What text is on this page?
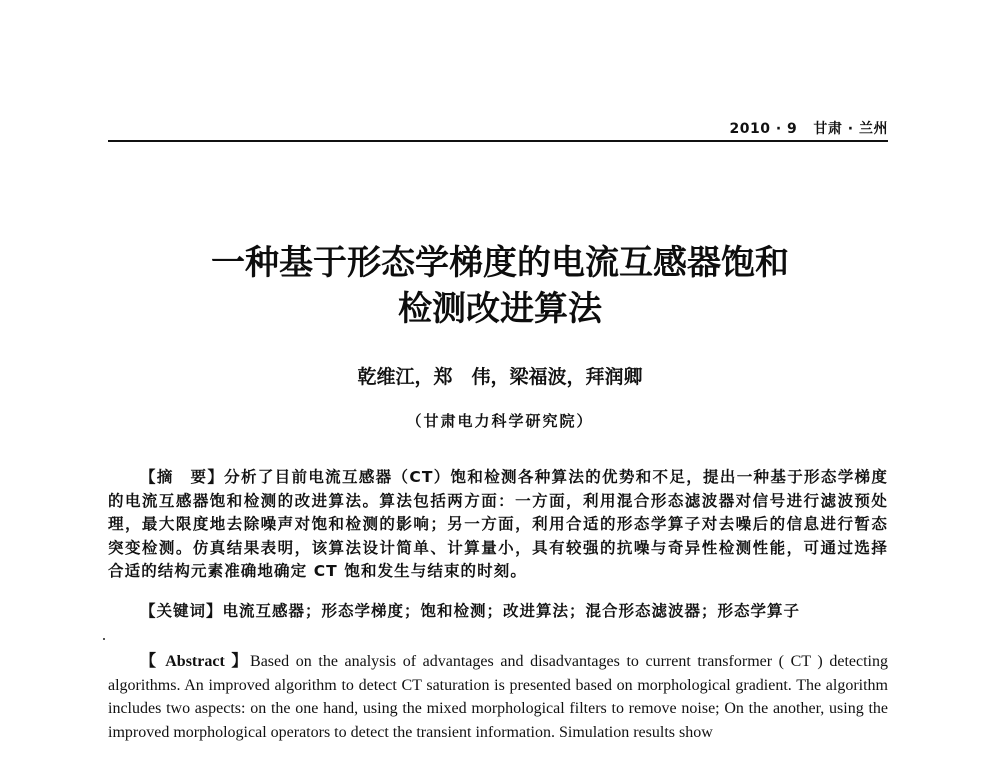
2010 · 9 甘肃 · 兰州
一种基于形态学梯度的电流互感器饱和
检测改进算法
乾维江，郑　伟，梁福波，拜润卿
（甘肃电力科学研究院）
【摘　要】分析了目前电流互感器（CT）饱和检测各种算法的优势和不足，提出一种基于形态学梯度的电流互感器饱和检测的改进算法。算法包括两方面：一方面，利用混合形态滤波器对信号进行滤波预处理，最大限度地去除噪声对饱和检测的影响；另一方面，利用合适的形态学算子对去噪后的信息进行暂态突变检测。仿真结果表明，该算法设计简单、计算量小，具有较强的抗噪与奇异性检测性能，可通过选择合适的结构元素准确地确定 CT 饱和发生与结束的时刻。
【关键词】电流互感器；形态学梯度；饱和检测；改进算法；混合形态滤波器；形态学算子
【 Abstract 】Based on the analysis of advantages and disadvantages to current transformer ( CT ) detecting algorithms. An improved algorithm to detect CT saturation is presented based on morphological gradient. The algorithm includes two aspects: on the one hand, using the mixed morphological filters to remove noise; On the another, using the improved morphological operators to detect the transient information. Simulation results show
